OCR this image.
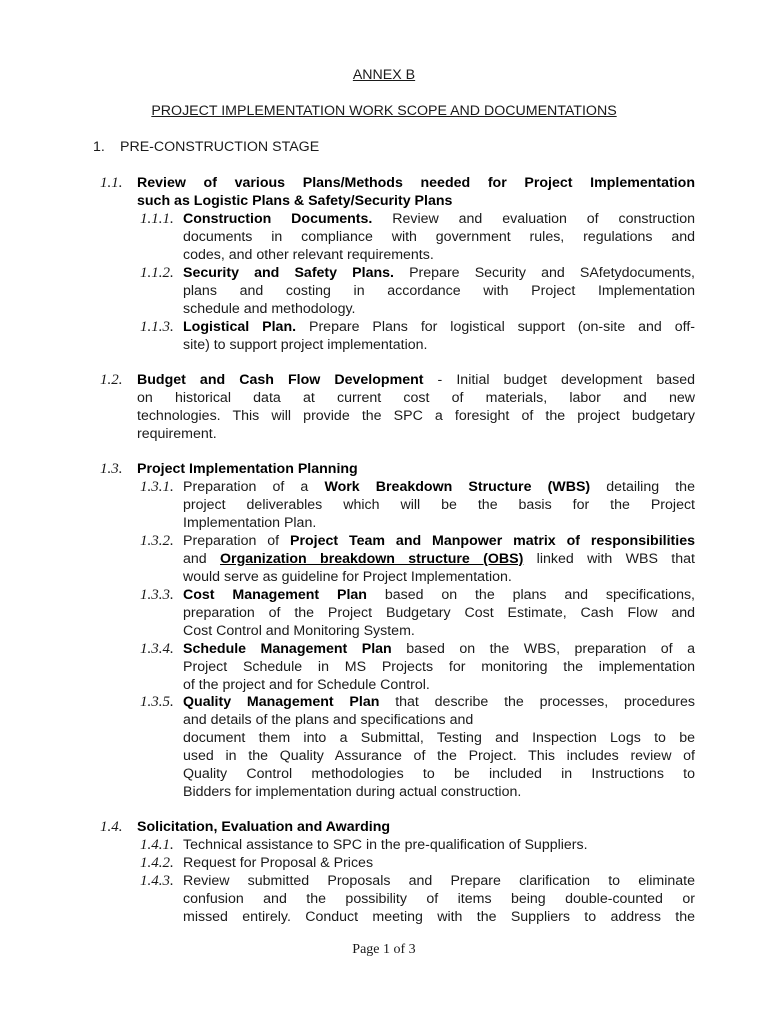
ANNEX B
PROJECT IMPLEMENTATION WORK SCOPE AND DOCUMENTATIONS
1. PRE-CONSTRUCTION STAGE
1.1. Review of various Plans/Methods needed for Project Implementation
such as Logistic Plans & Safety/Security Plans
1.1.1. Construction Documents. Review and evaluation of construction
documents in compliance with government rules, regulations and
codes, and other relevant requirements.
1.1.2. Security and Safety Plans. Prepare Security and SAfetydocuments,
plans and costing in accordance with Project Implementation
schedule and methodology.
1.1.3. Logistical Plan. Prepare Plans for logistical support (on-site and off-
site) to support project implementation.
1.2. Budget and Cash Flow Development - Initial budget development based
on historical data at current cost of materials, labor and new
technologies. This will provide the SPC a foresight of the project budgetary
requirement.
1.3. Project Implementation Planning
1.3.1. Preparation of a Work Breakdown Structure (WBS) detailing the
project deliverables which will be the basis for the Project
Implementation Plan.
1.3.2. Preparation of Project Team and Manpower matrix of responsibilities
and Organization breakdown structure (OBS) linked with WBS that
would serve as guideline for Project Implementation.
1.3.3. Cost Management Plan based on the plans and specifications,
preparation of the Project Budgetary Cost Estimate, Cash Flow and
Cost Control and Monitoring System.
1.3.4. Schedule Management Plan based on the WBS, preparation of a
Project Schedule in MS Projects for monitoring the implementation
of the project and for Schedule Control.
1.3.5. Quality Management Plan that describe the processes, procedures
and details of the plans and specifications and
document them into a Submittal, Testing and Inspection Logs to be
used in the Quality Assurance of the Project. This includes review of
Quality Control methodologies to be included in Instructions to
Bidders for implementation during actual construction.
1.4. Solicitation, Evaluation and Awarding
1.4.1. Technical assistance to SPC in the pre-qualification of Suppliers.
1.4.2. Request for Proposal & Prices
1.4.3. Review submitted Proposals and Prepare clarification to eliminate
confusion and the possibility of items being double-counted or
missed entirely. Conduct meeting with the Suppliers to address the
Page 1 of 3
